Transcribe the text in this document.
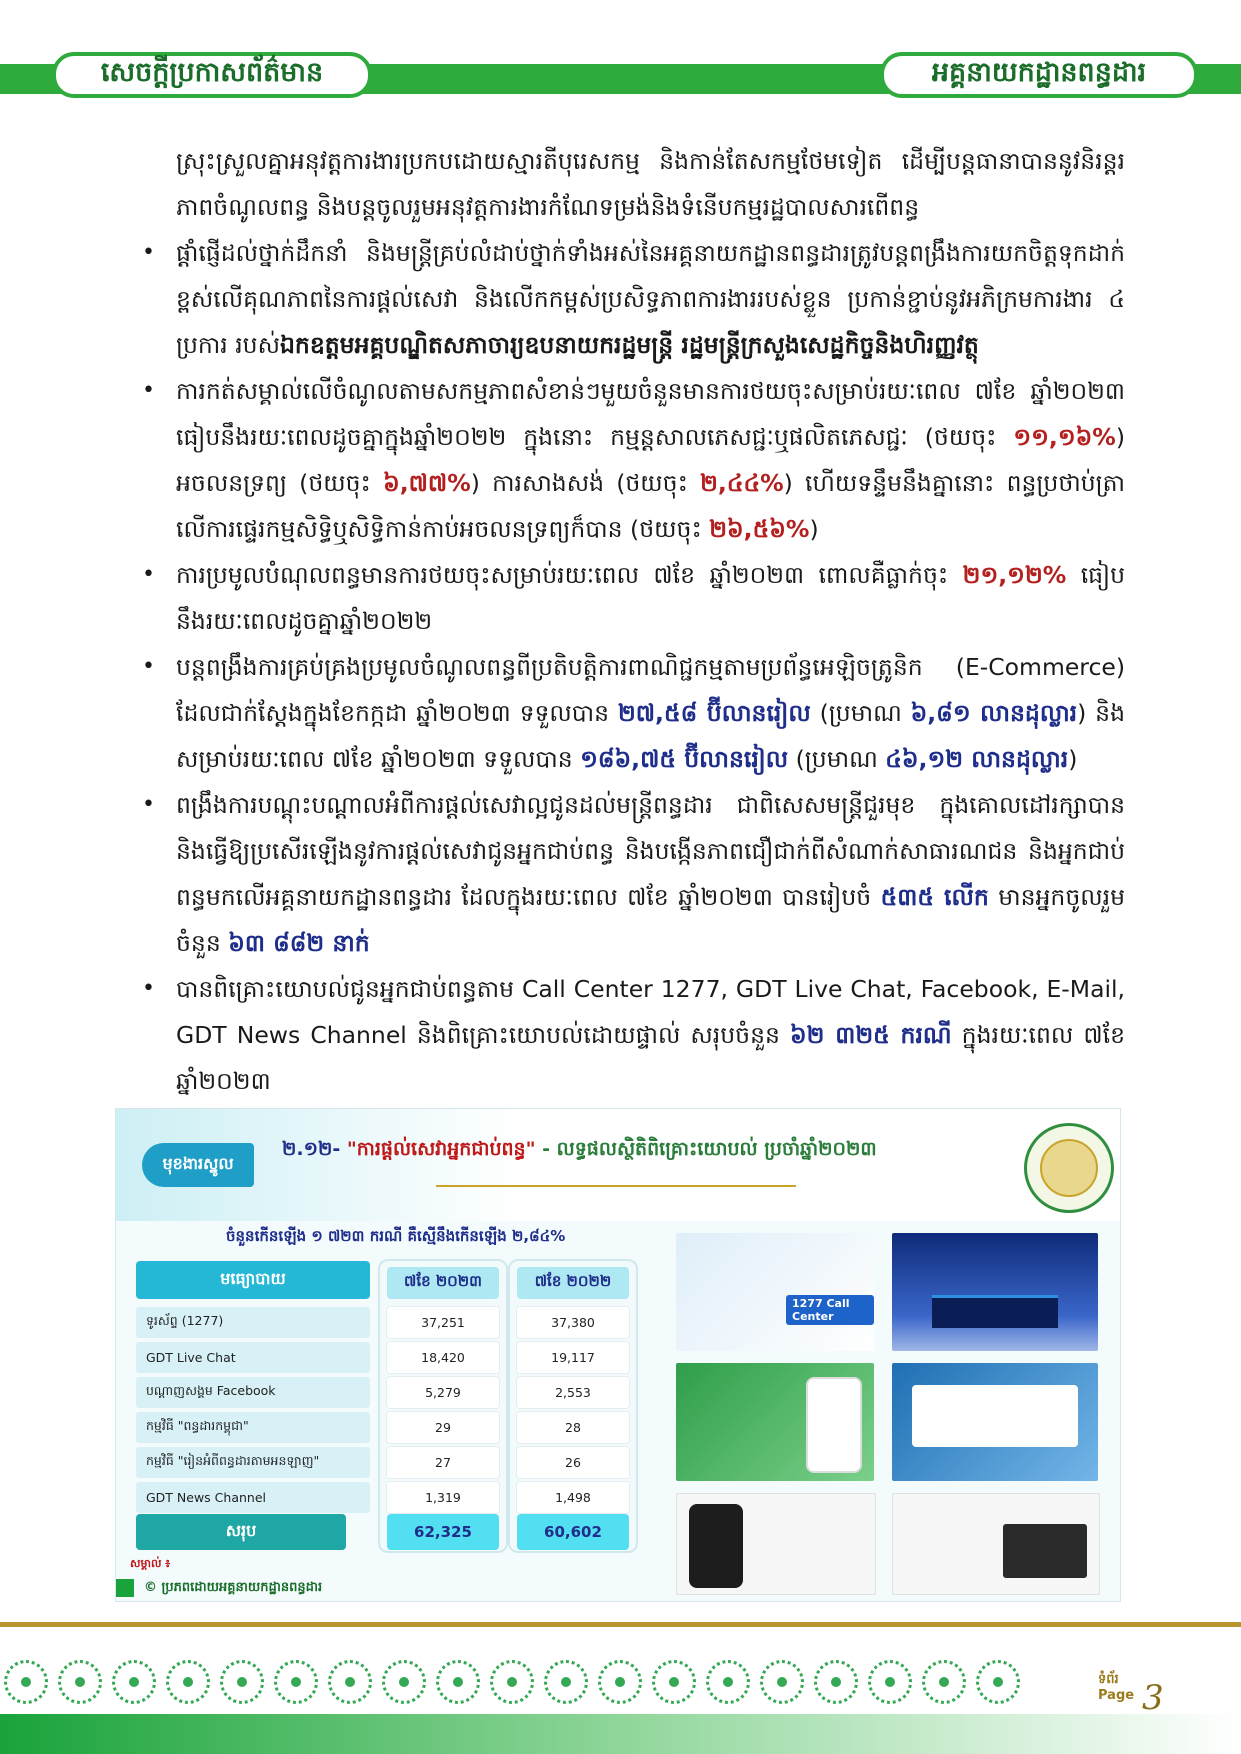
សេចក្តីប្រកាសព័ត៌មាន	អគ្គនាយកដ្ឋានពន្ធដារ

ស្រុះស្រួលគ្នាអនុវត្តការងារប្រកបដោយស្មារតីបុរេសកម្ម និងកាន់តែសកម្មថែមទៀត ដើម្បីបន្តធានាបាននូវនិរន្តរភាពចំណូលពន្ធ និងបន្តចូលរួមអនុវត្តការងារកំណែទម្រង់និងទំនើបកម្មរដ្ឋបាលសារពើពន្ធ

• ផ្តាំផ្ញើដល់ថ្នាក់ដឹកនាំ និងមន្ត្រីគ្រប់លំដាប់ថ្នាក់ទាំងអស់នៃអគ្គនាយកដ្ឋានពន្ធដារត្រូវបន្តពង្រឹងការយកចិត្តទុកដាក់ខ្ពស់លើគុណភាពនៃការផ្តល់សេវា និងលើកកម្ពស់ប្រសិទ្ធភាពការងាររបស់ខ្លួន ប្រកាន់ខ្ជាប់នូវអភិក្រមការងារ ៤ ប្រការ របស់ឯកឧត្តមអគ្គបណ្ឌិតសភាចារ្យឧបនាយករដ្ឋមន្ត្រី រដ្ឋមន្ត្រីក្រសួងសេដ្ឋកិច្ចនិងហិរញ្ញវត្ថុ

• ការកត់សម្គាល់លើចំណូលតាមសកម្មភាពសំខាន់ៗមួយចំនួនមានការថយចុះសម្រាប់រយៈពេល ៧ខែ ឆ្នាំ២០២៣ ធៀបនឹងរយៈពេលដូចគ្នាក្នុងឆ្នាំ២០២២ ក្នុងនោះ កម្មន្តសាលភេសជ្ជៈឬផលិតភេសជ្ជៈ (ថយចុះ ១១,១៦%) អចលនទ្រព្យ (ថយចុះ ៦,៧៧%) ការសាងសង់ (ថយចុះ ២,៤៤%) ហើយទន្ទឹមនឹងគ្នានោះ ពន្ធប្រថាប់ត្រាលើការផ្ទេរកម្មសិទ្ធិឬសិទ្ធិកាន់កាប់អចលនទ្រព្យក៏បាន (ថយចុះ ២៦,៥៦%)

• ការប្រមូលបំណុលពន្ធមានការថយចុះសម្រាប់រយៈពេល ៧ខែ ឆ្នាំ២០២៣ ពោលគឺធ្លាក់ចុះ ២១,១២% ធៀបនឹងរយៈពេលដូចគ្នាឆ្នាំ២០២២

• បន្តពង្រឹងការគ្រប់គ្រងប្រមូលចំណូលពន្ធពីប្រតិបត្តិការពាណិជ្ជកម្មតាមប្រព័ន្ធអេឡិចត្រូនិក (E-Commerce) ដែលជាក់ស្តែងក្នុងខែកក្កដា ឆ្នាំ២០២៣ ទទួលបាន ២៧,៥៨ ប៊ីលានរៀល (ប្រមាណ ៦,៨១ លានដុល្លារ) និងសម្រាប់រយៈពេល ៧ខែ ឆ្នាំ២០២៣ ទទួលបាន ១៨៦,៧៥ ប៊ីលានរៀល (ប្រមាណ ៤៦,១២ លានដុល្លារ)

• ពង្រឹងការបណ្តុះបណ្តាលអំពីការផ្តល់សេវាល្អជូនដល់មន្ត្រីពន្ធដារ ជាពិសេសមន្ត្រីជួរមុខ ក្នុងគោលដៅរក្សាបាន និងធ្វើឱ្យប្រសើរឡើងនូវការផ្តល់សេវាជូនអ្នកជាប់ពន្ធ និងបង្កើនភាពជឿជាក់ពីសំណាក់សាធារណជន និងអ្នកជាប់ពន្ធមកលើអគ្គនាយកដ្ឋានពន្ធដារ ដែលក្នុងរយៈពេល ៧ខែ ឆ្នាំ២០២៣ បានរៀបចំ ៥៣៥ លើក មានអ្នកចូលរួមចំនួន ៦៣ ៨៨២ នាក់

• បានពិគ្រោះយោបល់ជូនអ្នកជាប់ពន្ធតាម Call Center 1277, GDT Live Chat, Facebook, E-Mail, GDT News Channel និងពិគ្រោះយោបល់ដោយផ្ទាល់ សរុបចំនួន ៦២ ៣២៥ ករណី ក្នុងរយៈពេល ៧ខែ ឆ្នាំ២០២៣

មុខងារស្នូល
២.១២- "ការផ្តល់សេវាអ្នកជាប់ពន្ធ" - លទ្ធផលស្ថិតិពិគ្រោះយោបល់ ប្រចាំឆ្នាំ២០២៣
ចំនួនកើនឡើង ១ ៧២៣ ករណី គឺស្មើនឹងកើនឡើង ២,៨៤%
មធ្យោបាយ	៧ខែ ២០២៣	៧ខែ ២០២២
ទូរស័ព្ទ (1277)	37,251	37,380
GDT Live Chat	18,420	19,117
បណ្តាញសង្គម Facebook	5,279	2,553
កម្មវិធី "ពន្ធដារកម្ពុជា"	29	28
កម្មវិធី "រៀនអំពីពន្ធដារតាមអនឡាញ"	27	26
GDT News Channel	1,319	1,498
សរុប	62,325	60,602
សម្គាល់ ៖
© ប្រភពដោយអគ្គនាយកដ្ឋានពន្ធដារ
1277 Call Center
ទំព័រ
Page 3
